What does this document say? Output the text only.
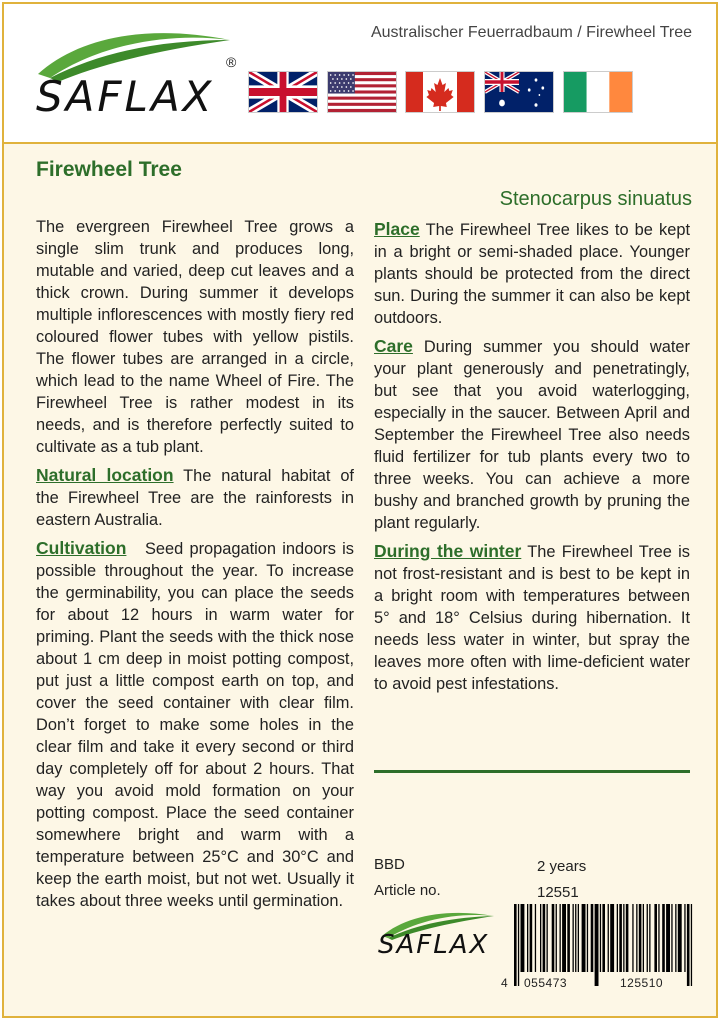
Australischer Feuerradbaum / Firewheel Tree
SAFLAX
®
Firewheel Tree
Stenocarpus sinuatus

The evergreen Firewheel Tree grows a single slim trunk and produces long, mutable and varied, deep cut leaves and a thick crown. During summer it develops multiple inflorescences with mostly fiery red coloured flower tubes with yellow pistils. The flower tubes are arranged in a circle, which lead to the name Wheel of Fire. The Firewheel Tree is rather modest in its needs, and is therefore perfectly suited to cultivate as a tub plant.

Natural location The natural habitat of the Firewheel Tree are the rainforests in eastern Australia.

Cultivation Seed propagation indoors is possible throughout the year. To increase the germinability, you can place the seeds for about 12 hours in warm water for priming. Plant the seeds with the thick nose about 1 cm deep in moist potting compost, put just a little compost earth on top, and cover the seed container with clear film. Don’t forget to make some holes in the clear film and take it every second or third day completely off for about 2 hours. That way you avoid mold formation on your potting compost. Place the seed container somewhere bright and warm with a temperature between 25°C and 30°C and keep the earth moist, but not wet. Usually it takes about three weeks until germination.

Place The Firewheel Tree likes to be kept in a bright or semi-shaded place. Younger plants should be protected from the direct sun. During the summer it can also be kept outdoors.

Care During summer you should water your plant generously and penetratingly, but see that you avoid waterlogging, especially in the saucer. Between April and September the Firewheel Tree also needs fluid fertilizer for tub plants every two to three weeks. You can achieve a more bushy and branched growth by pruning the plant regularly.

During the winter The Firewheel Tree is not frost-resistant and is best to be kept in a bright room with temperatures between 5° and 18° Celsius during hibernation. It needs less water in winter, but spray the leaves more often with lime-deficient water to avoid pest infestations.

BBD	2 years
Article no.	12551
SAFLAX
4 055473	125510
